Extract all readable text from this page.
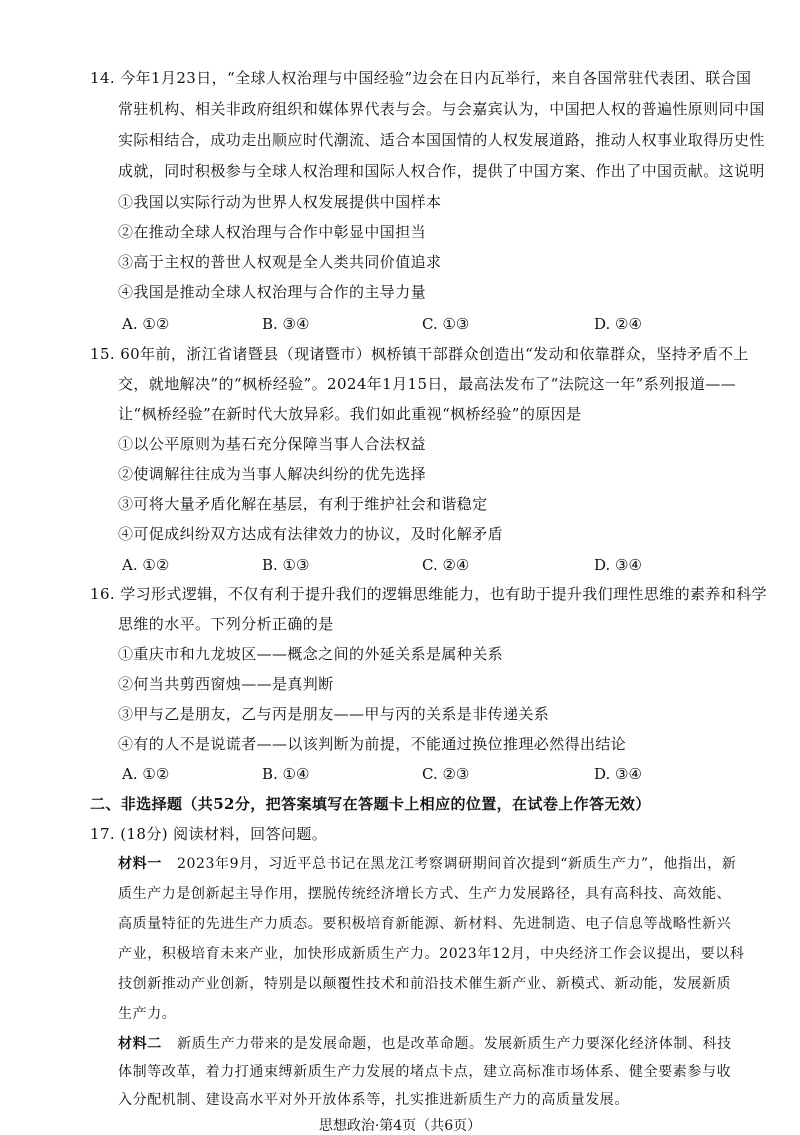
14. 今年1月23日，“全球人权治理与中国经验”边会在日内瓦举行，来自各国常驻代表团、联合国
常驻机构、相关非政府组织和媒体界代表与会。与会嘉宾认为，中国把人权的普遍性原则同中国
实际相结合，成功走出顺应时代潮流、适合本国国情的人权发展道路，推动人权事业取得历史性
成就，同时积极参与全球人权治理和国际人权合作，提供了中国方案、作出了中国贡献。这说明
①我国以实际行动为世界人权发展提供中国样本
②在推动全球人权治理与合作中彰显中国担当
③高于主权的普世人权观是全人类共同价值追求
④我国是推动全球人权治理与合作的主导力量
A. ①②	B. ③④	C. ①③	D. ②④
15. 60年前，浙江省诸暨县（现诸暨市）枫桥镇干部群众创造出“发动和依靠群众，坚持矛盾不上
交，就地解决”的“枫桥经验”。2024年1月15日，最高法发布了“法院这一年”系列报道——
让“枫桥经验”在新时代大放异彩。我们如此重视“枫桥经验”的原因是
①以公平原则为基石充分保障当事人合法权益
②使调解往往成为当事人解决纠纷的优先选择
③可将大量矛盾化解在基层，有利于维护社会和谐稳定
④可促成纠纷双方达成有法律效力的协议，及时化解矛盾
A. ①②	B. ①③	C. ②④	D. ③④
16. 学习形式逻辑，不仅有利于提升我们的逻辑思维能力，也有助于提升我们理性思维的素养和科学
思维的水平。下列分析正确的是
①重庆市和九龙坡区——概念之间的外延关系是属种关系
②何当共剪西窗烛——是真判断
③甲与乙是朋友，乙与丙是朋友——甲与丙的关系是非传递关系
④有的人不是说谎者——以该判断为前提，不能通过换位推理必然得出结论
A. ①②	B. ①④	C. ②③	D. ③④
二、非选择题（共52分，把答案填写在答题卡上相应的位置，在试卷上作答无效）
17. (18分) 阅读材料，回答问题。
材料一 2023年9月，习近平总书记在黑龙江考察调研期间首次提到“新质生产力”，他指出，新
质生产力是创新起主导作用，摆脱传统经济增长方式、生产力发展路径，具有高科技、高效能、
高质量特征的先进生产力质态。要积极培育新能源、新材料、先进制造、电子信息等战略性新兴
产业，积极培育未来产业，加快形成新质生产力。2023年12月，中央经济工作会议提出，要以科
技创新推动产业创新，特别是以颠覆性技术和前沿技术催生新产业、新模式、新动能，发展新质
生产力。
材料二 新质生产力带来的是发展命题，也是改革命题。发展新质生产力要深化经济体制、科技
体制等改革，着力打通束缚新质生产力发展的堵点卡点，建立高标准市场体系、健全要素参与收
入分配机制、建设高水平对外开放体系等，扎实推进新质生产力的高质量发展。
思想政治·第4页（共6页）
